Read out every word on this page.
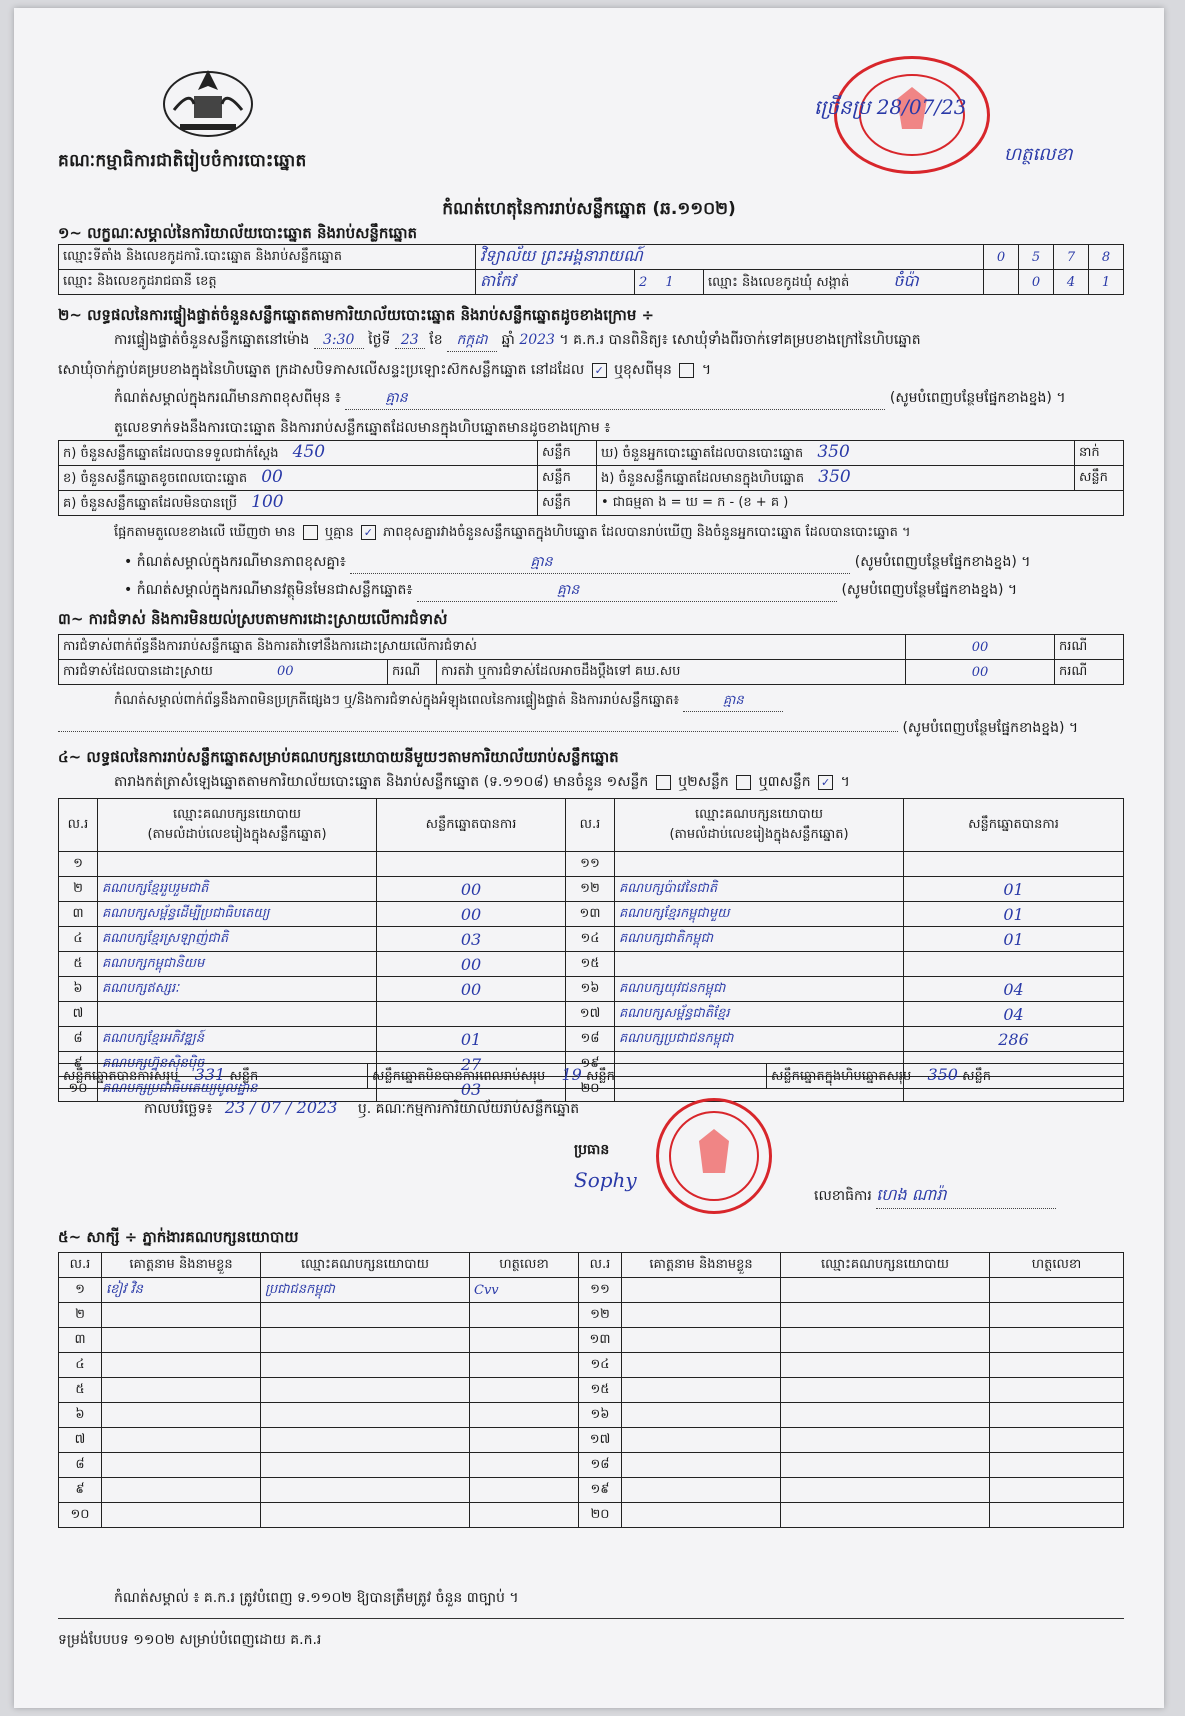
គណៈកម្មាធិការជាតិរៀបចំការបោះឆ្នោត
ច្រើនប្រ 28/07/23
ហត្ថលេខា
កំណត់ហេតុនៃការរាប់សន្លឹកឆ្នោត (ឆ.១១០២)
១~ លក្ខណៈសម្គាល់នៃការិយាល័យបោះឆ្នោត និងរាប់សន្លឹកឆ្នោត
ឈ្មោះទីតាំង និងលេខកូដការិ.បោះឆ្នោត និងរាប់សន្លឹកឆ្នោត	វិទ្យាល័យ ព្រះអង្គនារាយណ៍			0	5	7	8
ឈ្មោះ និងលេខកូដរាជធានី ខេត្ត	តាកែវ	2 1	ឈ្មោះ និងលេខកូដឃុំ សង្កាត់ ចំប៉ា		0	4	1
២~ លទ្ធផលនៃការផ្ទៀងផ្ទាត់ចំនួនសន្លឹកឆ្នោតតាមការិយាល័យបោះឆ្នោត និងរាប់សន្លឹកឆ្នោតដូចខាងក្រោម ÷
ការផ្ទៀងផ្ទាត់ចំនួនសន្លឹកឆ្នោតនៅម៉ោង 3:30 ថ្ងៃទី 23 ខែ កក្កដា ឆ្នាំ 2023 ។ គ.ក.រ បានពិនិត្យ៖ សោឃុំទាំងពីរចាក់ទៅគម្របខាងក្រៅនៃហិបឆ្នោត
សោឃុំចាក់ភ្ជាប់គម្របខាងក្នុងនៃហិបឆ្នោត ក្រដាសបិទភាសលើសន្ទះប្រឡោះស៊កសន្លឹកឆ្នោត នៅដដែល ✓ ឬខុសពីមុន  ។
កំណត់សម្គាល់ក្នុងករណីមានភាពខុសពីមុន ៖	គ្មាន	(សូមបំពេញបន្ថែមផ្នែកខាងខ្នង) ។
តួលេខទាក់ទងនឹងការបោះឆ្នោត និងការរាប់សន្លឹកឆ្នោតដែលមានក្នុងហិបឆ្នោតមានដូចខាងក្រោម ៖
ក) ចំនួនសន្លឹកឆ្នោតដែលបានទទួលជាក់ស្តែង 450	សន្លឹក	ឃ) ចំនួនអ្នកបោះឆ្នោតដែលបានបោះឆ្នោត 350	នាក់
ខ) ចំនួនសន្លឹកឆ្នោតខូចពេលបោះឆ្នោត 00	សន្លឹក	ង) ចំនួនសន្លឹកឆ្នោតដែលមានក្នុងហិបឆ្នោត 350	សន្លឹក
គ) ចំនួនសន្លឹកឆ្នោតដែលមិនបានប្រើ 100	សន្លឹក	• ជាធម្មតា ង = ឃ = ក - (ខ + គ )	
ផ្អែកតាមតួលេខខាងលើ ឃើញថា មាន ឬគ្មាន ✓ ភាពខុសគ្នារវាងចំនួនសន្លឹកឆ្នោតក្នុងហិបឆ្នោត ដែលបានរាប់ឃើញ និងចំនួនអ្នកបោះឆ្នោត ដែលបានបោះឆ្នោត ។
• កំណត់សម្គាល់ក្នុងករណីមានភាពខុសគ្នា៖	គ្មាន	(សូមបំពេញបន្ថែមផ្នែកខាងខ្នង) ។
• កំណត់សម្គាល់ក្នុងករណីមានវត្ថុមិនមែនជាសន្លឹកឆ្នោត៖	គ្មាន	(សូមបំពេញបន្ថែមផ្នែកខាងខ្នង) ។
៣~ ការជំទាស់ និងការមិនយល់ស្របតាមការដោះស្រាយលើការជំទាស់
ការជំទាស់ពាក់ព័ន្ធនឹងការរាប់សន្លឹកឆ្នោត និងការតវ៉ាទៅនឹងការដោះស្រាយលើការជំទាស់			00	ករណី
ការជំទាស់ដែលបានដោះស្រាយ 00	ករណី	ការតវ៉ា ឬការជំទាស់ដែលអាចដឹងប្តឹងទៅ គឃ.សប	00	ករណី
កំណត់សម្គាល់ពាក់ព័ន្ធនឹងភាពមិនប្រក្រតីផ្សេងៗ ឬ/និងការជំទាស់ក្នុងអំឡុងពេលនៃការផ្ទៀងផ្ទាត់ និងការរាប់សន្លឹកឆ្នោត៖	គ្មាន
(សូមបំពេញបន្ថែមផ្នែកខាងខ្នង) ។
៤~ លទ្ធផលនៃការរាប់សន្លឹកឆ្នោតសម្រាប់គណបក្សនយោបាយនីមួយៗតាមការិយាល័យរាប់សន្លឹកឆ្នោត
តារាងកត់ត្រាសំឡេងឆ្នោតតាមការិយាល័យបោះឆ្នោត និងរាប់សន្លឹកឆ្នោត (ទ.១១០៨) មានចំនួន ១សន្លឹក ឬ២សន្លឹក ឬ៣សន្លឹក ✓ ។
ល.រ	ឈ្មោះគណបក្សនយោបាយ
(តាមលំដាប់លេខរៀងក្នុងសន្លឹកឆ្នោត)	សន្លឹកឆ្នោតបានការ	ល.រ	ឈ្មោះគណបក្សនយោបាយ
(តាមលំដាប់លេខរៀងក្នុងសន្លឹកឆ្នោត)	សន្លឹកឆ្នោតបានការ
១			១១		
២	គណបក្សខ្មែររួបរួមជាតិ	00	១២	គណបក្សប៉ាវេនៃជាតិ	01
៣	គណបក្សសម្ព័ន្ធដើម្បីប្រជាធិបតេយ្យ	00	១៣	គណបក្សខ្មែរកម្ពុជាមួយ	01
៤	គណបក្សខ្មែរស្រឡាញ់ជាតិ	03	១៤	គណបក្សជាតិកម្ពុជា	01
៥	គណបក្សកម្ពុជានិយម	00	១៥		
៦	គណបក្សឥស្សរៈ	00	១៦	គណបក្សយុវជនកម្ពុជា	04
៧			១៧	គណបក្សសម្ព័ន្ធជាតិខ្មែរ	04
៨	គណបក្សខ្មែរអភិវឌ្ឍន៍	01	១៨	គណបក្សប្រជាជនកម្ពុជា	286
៩	គណបក្សហ្វ៊ុនស៊ិនប៉ិច	27	១៩		
១០	គណបក្សប្រជាធិបតេយ្យមូលដ្ឋាន	03	២០		
សន្លឹកឆ្នោតបានការសរុប 331 សន្លឹក	សន្លឹកឆ្នោតមិនបានការពេលរាប់សរុប 19 សន្លឹក	សន្លឹកឆ្នោតក្នុងហិបឆ្នោតសរុប 350 សន្លឹក
កាលបរិច្ឆេទ៖ 23 / 07 / 2023 ឫ. គណៈកម្មការការិយាល័យរាប់សន្លឹកឆ្នោត
ប្រធាន
Sophy
លេខាធិការ ហេង ណារ៉ា
៥~ សាក្សី ÷ ភ្នាក់ងារគណបក្សនយោបាយ
ល.រ	គោត្តនាម និងនាមខ្លួន	ឈ្មោះគណបក្សនយោបាយ	ហត្ថលេខា	ល.រ	គោត្តនាម និងនាមខ្លួន	ឈ្មោះគណបក្សនយោបាយ	ហត្ថលេខា
១	ខៀវ វិន	ប្រជាជនកម្ពុជា	Cvv	១១			
២				១២			
៣				១៣			
៤				១៤			
៥				១៥			
៦				១៦			
៧				១៧			
៨				១៨			
៩				១៩			
១០				២០			
កំណត់សម្គាល់ ៖ គ.ក.រ ត្រូវបំពេញ ទ.១១០២ ឱ្យបានត្រឹមត្រូវ ចំនួន ៣ច្បាប់ ។
ទម្រង់បែបបទ ១១០២ សម្រាប់បំពេញដោយ គ.ក.រ
